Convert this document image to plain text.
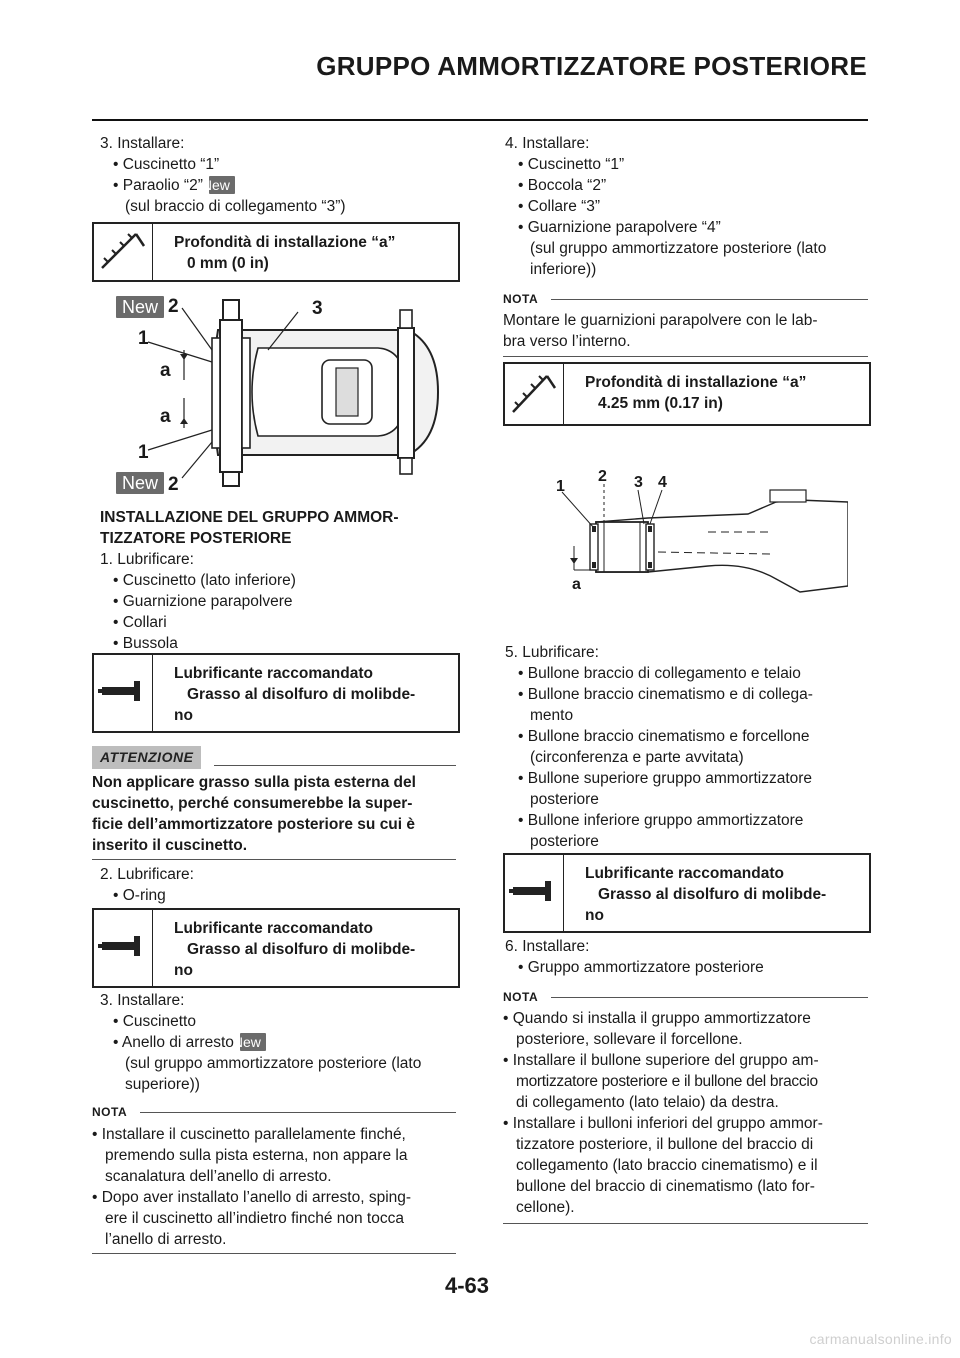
GRUPPO AMMORTIZZATORE POSTERIORE

3. Installare:

• Cuscinetto “1”

• Paraolio “2”New

(sul braccio di collegamento “3”)

Profondità di installazione “a”
0 mm (0 in)
New 2	3
1
a
a
1
New 2

INSTALLAZIONE DEL GRUPPO AMMOR-

TIZZATORE POSTERIORE

1. Lubrificare:

• Cuscinetto (lato inferiore)

• Guarnizione parapolvere

• Collari

• Bussola

Lubrificante raccomandato
Grasso al disolfuro di molibde-
no
ATTENZIONE

Non applicare grasso sulla pista esterna del

cuscinetto, perché consumerebbe la super-

ficie dell’ammortizzatore posteriore su cui è

inserito il cuscinetto.

2. Lubrificare:

• O-ring

Lubrificante raccomandato
Grasso al disolfuro di molibde-
no

3. Installare:

• Cuscinetto

• Anello di arrestoNew

(sul gruppo ammortizzatore posteriore (lato

superiore))

NOTA

• Installare il cuscinetto parallelamente finché,

premendo sulla pista esterna, non appare la

scanalatura dell’anello di arresto.

• Dopo aver installato l’anello di arresto, sping-

ere il cuscinetto all’indietro finché non tocca

l’anello di arresto.

4. Installare:

• Cuscinetto “1”

• Boccola “2”

• Collare “3”

• Guarnizione parapolvere “4”

(sul gruppo ammortizzatore posteriore (lato

inferiore))

NOTA

Montare le guarnizioni parapolvere con le lab-

bra verso l’interno.

Profondità di installazione “a”
4.25 mm (0.17 in)
1
2 3 4
a

5. Lubrificare:

• Bullone braccio di collegamento e telaio

• Bullone braccio cinematismo e di collega-

mento

• Bullone braccio cinematismo e forcellone

(circonferenza e parte avvitata)

• Bullone superiore gruppo ammortizzatore

posteriore

• Bullone inferiore gruppo ammortizzatore

posteriore

Lubrificante raccomandato
Grasso al disolfuro di molibde-
no

6. Installare:

• Gruppo ammortizzatore posteriore

NOTA

• Quando si installa il gruppo ammortizzatore

posteriore, sollevare il forcellone.

• Installare il bullone superiore del gruppo am-

mortizzatore posteriore e il bullone del braccio

di collegamento (lato telaio) da destra.

• Installare i bulloni inferiori del gruppo ammor-

tizzatore posteriore, il bullone del braccio di

collegamento (lato braccio cinematismo) e il

bullone del braccio di cinematismo (lato for-

cellone).

4-63
carmanualsonline.info
